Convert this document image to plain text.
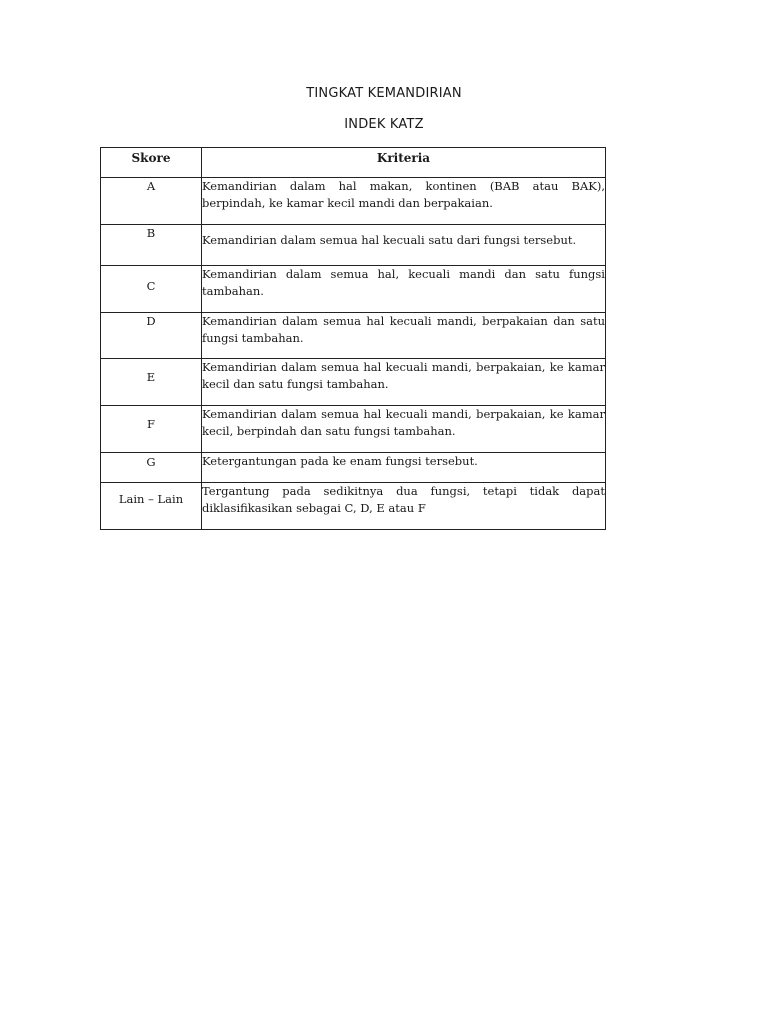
TINGKAT KEMANDIRIAN
INDEK KATZ
Skore	Kriteria
A	Kemandirian dalam hal makan, kontinen (BAB atau BAK), berpindah, ke kamar kecil mandi dan berpakaian.
B	Kemandirian dalam semua hal kecuali satu dari fungsi tersebut.
C	Kemandirian dalam semua hal, kecuali mandi dan satu fungsi tambahan.
D	Kemandirian dalam semua hal kecuali mandi, berpakaian dan satu fungsi tambahan.
E	Kemandirian dalam semua hal kecuali mandi, berpakaian, ke kamar kecil dan satu fungsi tambahan.
F	Kemandirian dalam semua hal kecuali mandi, berpakaian, ke kamar kecil, berpindah dan satu fungsi tambahan.
G	Ketergantungan pada ke enam fungsi tersebut.
Lain – Lain	Tergantung pada sedikitnya dua fungsi, tetapi tidak dapat diklasifikasikan sebagai C, D, E atau F
